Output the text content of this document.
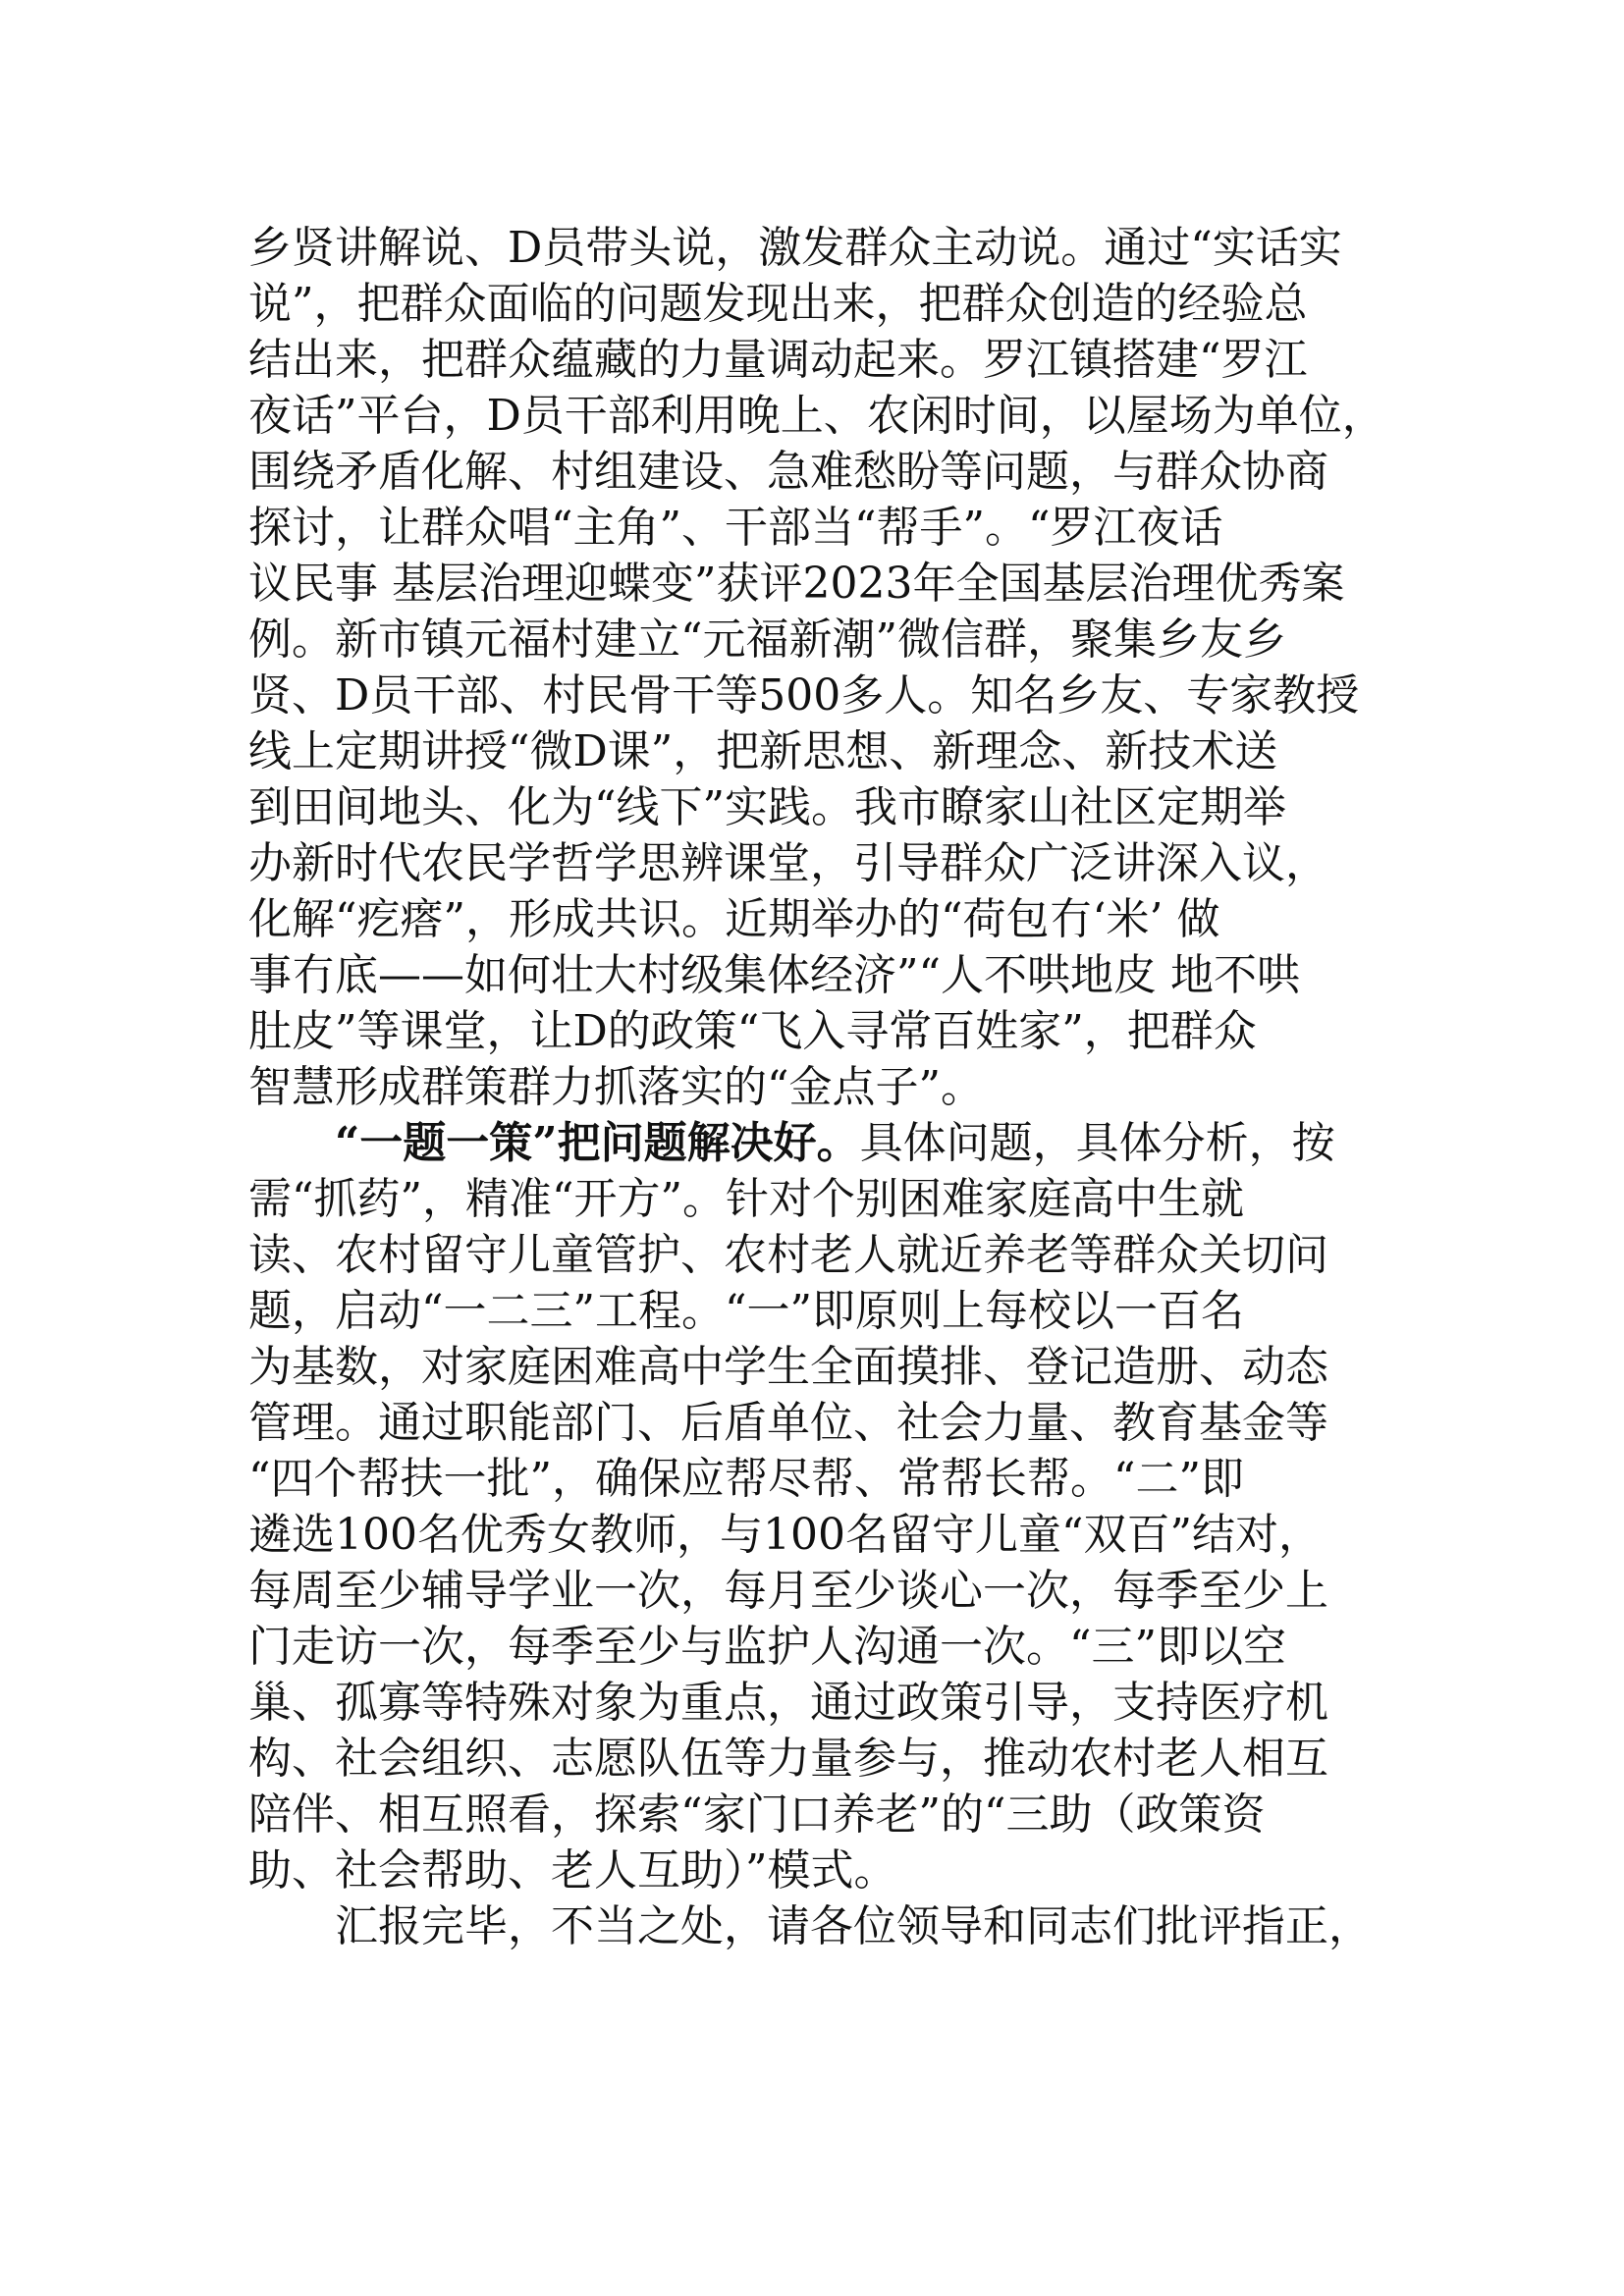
乡贤讲解说、D员带头说，激发群众主动说。通过“实话实
说”，把群众面临的问题发现出来，把群众创造的经验总
结出来，把群众蕴藏的力量调动起来。罗江镇搭建“罗江
夜话”平台，D员干部利用晚上、农闲时间，以屋场为单位，
围绕矛盾化解、村组建设、急难愁盼等问题，与群众协商
探讨，让群众唱“主角”、干部当“帮手”。“罗江夜话
议民事 基层治理迎蝶变”获评2023年全国基层治理优秀案
例。新市镇元福村建立“元福新潮”微信群，聚集乡友乡
贤、D员干部、村民骨干等500多人。知名乡友、专家教授
线上定期讲授“微D课”，把新思想、新理念、新技术送
到田间地头、化为“线下”实践。我市瞭家山社区定期举
办新时代农民学哲学思辨课堂，引导群众广泛讲深入议，
化解“疙瘩”，形成共识。近期举办的“荷包冇‘米’ 做
事冇底——如何壮大村级集体经济”“人不哄地皮 地不哄
肚皮”等课堂，让D的政策“飞入寻常百姓家”，把群众
智慧形成群策群力抓落实的“金点子”。
“一题一策”把问题解决好。具体问题，具体分析，按
需“抓药”，精准“开方”。针对个别困难家庭高中生就
读、农村留守儿童管护、农村老人就近养老等群众关切问
题，启动“一二三”工程。“一”即原则上每校以一百名
为基数，对家庭困难高中学生全面摸排、登记造册、动态
管理。通过职能部门、后盾单位、社会力量、教育基金等
“四个帮扶一批”，确保应帮尽帮、常帮长帮。“二”即
遴选100名优秀女教师，与100名留守儿童“双百”结对，
每周至少辅导学业一次，每月至少谈心一次，每季至少上
门走访一次，每季至少与监护人沟通一次。“三”即以空
巢、孤寡等特殊对象为重点，通过政策引导，支持医疗机
构、社会组织、志愿队伍等力量参与，推动农村老人相互
陪伴、相互照看，探索“家门口养老”的“三助（政策资
助、社会帮助、老人互助）”模式。
汇报完毕，不当之处，请各位领导和同志们批评指正，
